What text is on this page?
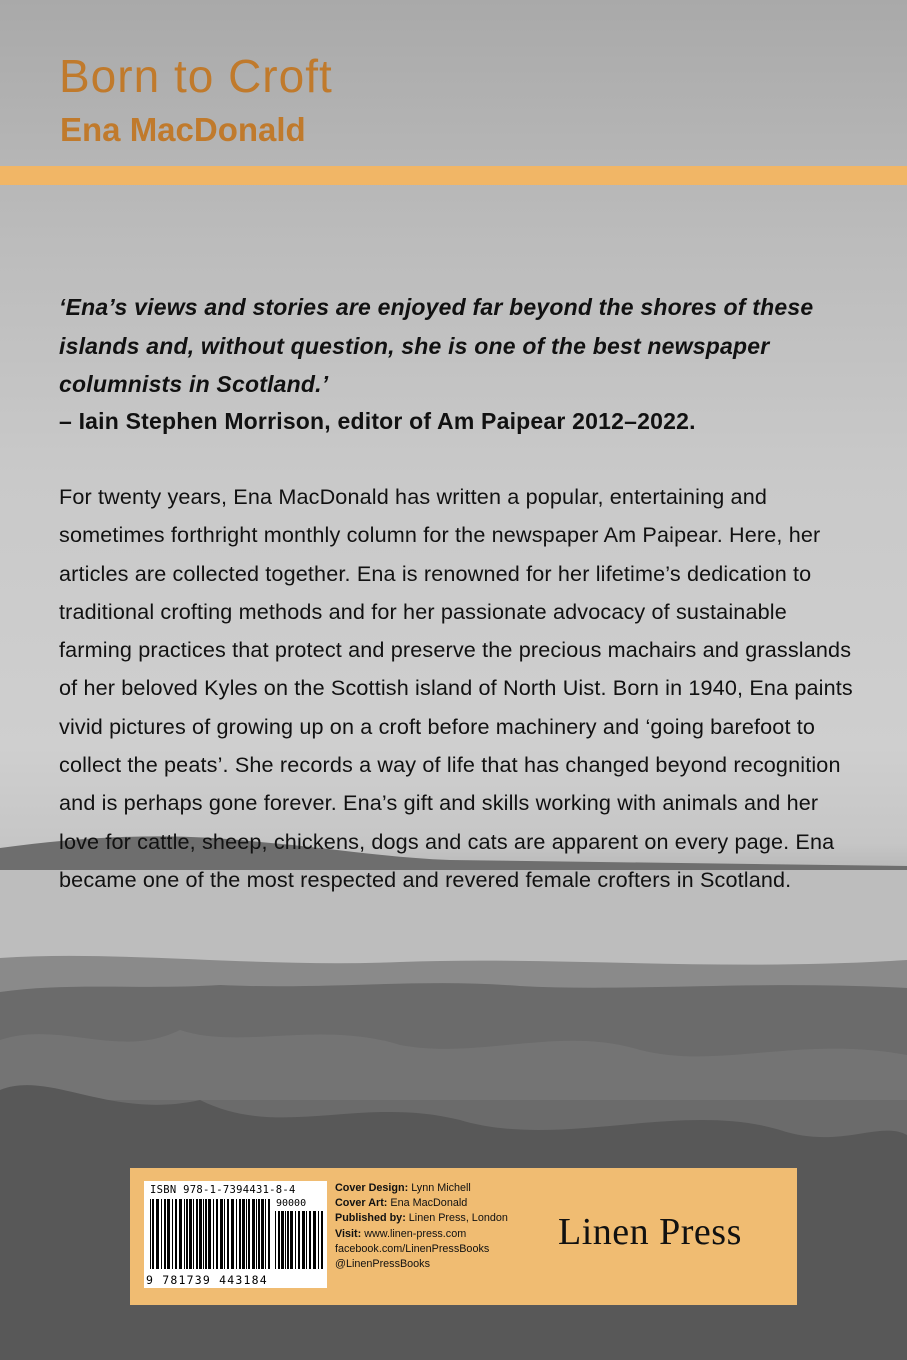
Born to Croft
Ena MacDonald
‘Ena’s views and stories are enjoyed far beyond the shores of these islands and, without question, she is one of the best newspaper columnists in Scotland.’
– Iain Stephen Morrison, editor of Am Paipear 2012–2022.
For twenty years, Ena MacDonald has written a popular, entertaining and sometimes forthright monthly column for the newspaper Am Paipear. Here, her articles are collected together. Ena is renowned for her lifetime’s dedication to traditional crofting methods and for her passionate advocacy of sustainable farming practices that protect and preserve the precious machairs and grasslands of her beloved Kyles on the Scottish island of North Uist. Born in 1940, Ena paints vivid pictures of growing up on a croft before machinery and ‘going barefoot to collect the peats’. She records a way of life that has changed beyond recognition and is perhaps gone forever. Ena’s gift and skills working with animals and her love for cattle, sheep, chickens, dogs and cats are apparent on every page. Ena became one of the most respected and revered female crofters in Scotland.
ISBN 978-1-7394431-8-4
90000
9 781739 443184
Cover Design: Lynn Michell
Cover Art: Ena MacDonald
Published by: Linen Press, London
Visit: www.linen-press.com
facebook.com/LinenPressBooks
@LinenPressBooks
Linen Press
